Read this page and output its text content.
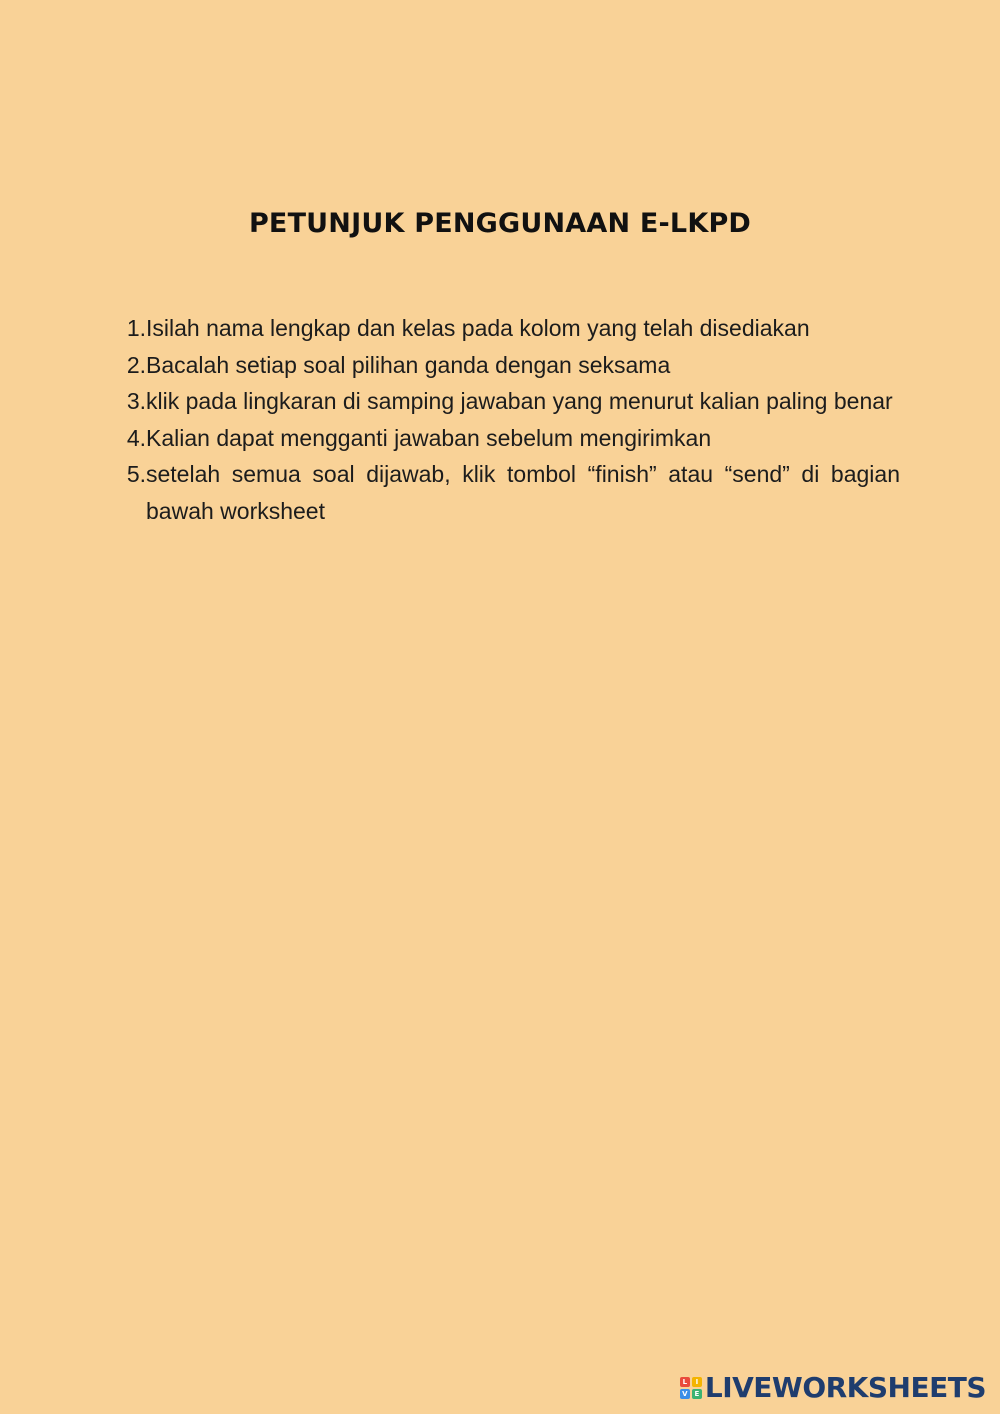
PETUNJUK PENGGUNAAN E-LKPD
1. Isilah nama lengkap dan kelas pada kolom yang telah disediakan
2. Bacalah setiap soal pilihan ganda dengan seksama
3. klik pada lingkaran di samping jawaban yang menurut kalian paling benar
4. Kalian dapat mengganti jawaban sebelum mengirimkan
5. setelah semua soal dijawab, klik tombol “finish” atau “send” di bagian bawah worksheet
L	I
V E LIVEWORKSHEETS
